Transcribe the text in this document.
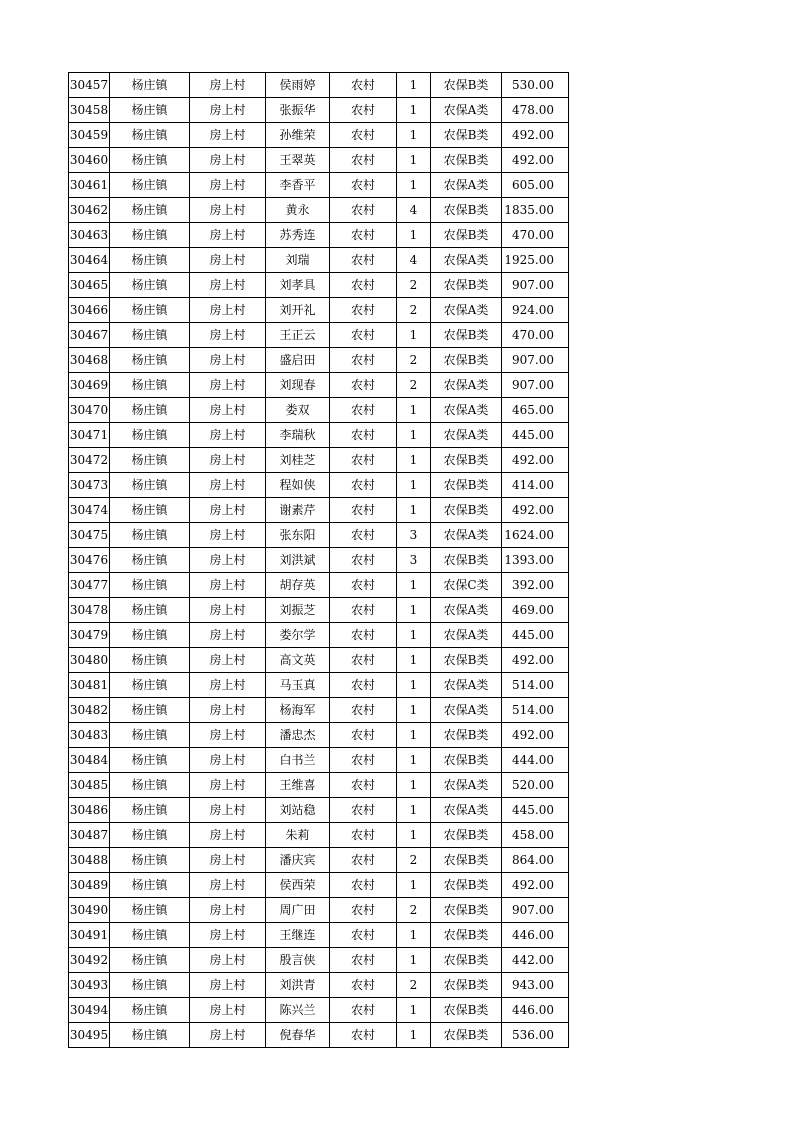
30457	杨庄镇	房上村	侯雨婷	农村	1	农保B类	530.00
30458	杨庄镇	房上村	张振华	农村	1	农保A类	478.00
30459	杨庄镇	房上村	孙维荣	农村	1	农保B类	492.00
30460	杨庄镇	房上村	王翠英	农村	1	农保B类	492.00
30461	杨庄镇	房上村	李香平	农村	1	农保A类	605.00
30462	杨庄镇	房上村	黄永	农村	4	农保B类	1835.00
30463	杨庄镇	房上村	苏秀连	农村	1	农保B类	470.00
30464	杨庄镇	房上村	刘瑞	农村	4	农保A类	1925.00
30465	杨庄镇	房上村	刘孝具	农村	2	农保B类	907.00
30466	杨庄镇	房上村	刘开礼	农村	2	农保A类	924.00
30467	杨庄镇	房上村	王正云	农村	1	农保B类	470.00
30468	杨庄镇	房上村	盛启田	农村	2	农保B类	907.00
30469	杨庄镇	房上村	刘现春	农村	2	农保A类	907.00
30470	杨庄镇	房上村	娄双	农村	1	农保A类	465.00
30471	杨庄镇	房上村	李瑞秋	农村	1	农保A类	445.00
30472	杨庄镇	房上村	刘桂芝	农村	1	农保B类	492.00
30473	杨庄镇	房上村	程如侠	农村	1	农保B类	414.00
30474	杨庄镇	房上村	谢素芹	农村	1	农保B类	492.00
30475	杨庄镇	房上村	张东阳	农村	3	农保A类	1624.00
30476	杨庄镇	房上村	刘洪斌	农村	3	农保B类	1393.00
30477	杨庄镇	房上村	胡存英	农村	1	农保C类	392.00
30478	杨庄镇	房上村	刘振芝	农村	1	农保A类	469.00
30479	杨庄镇	房上村	娄尔学	农村	1	农保A类	445.00
30480	杨庄镇	房上村	高文英	农村	1	农保B类	492.00
30481	杨庄镇	房上村	马玉真	农村	1	农保A类	514.00
30482	杨庄镇	房上村	杨海军	农村	1	农保A类	514.00
30483	杨庄镇	房上村	潘忠杰	农村	1	农保B类	492.00
30484	杨庄镇	房上村	白书兰	农村	1	农保B类	444.00
30485	杨庄镇	房上村	王维喜	农村	1	农保A类	520.00
30486	杨庄镇	房上村	刘站稳	农村	1	农保A类	445.00
30487	杨庄镇	房上村	朱莉	农村	1	农保B类	458.00
30488	杨庄镇	房上村	潘庆宾	农村	2	农保B类	864.00
30489	杨庄镇	房上村	侯西荣	农村	1	农保B类	492.00
30490	杨庄镇	房上村	周广田	农村	2	农保B类	907.00
30491	杨庄镇	房上村	王继连	农村	1	农保B类	446.00
30492	杨庄镇	房上村	殷言侠	农村	1	农保B类	442.00
30493	杨庄镇	房上村	刘洪青	农村	2	农保B类	943.00
30494	杨庄镇	房上村	陈兴兰	农村	1	农保B类	446.00
30495	杨庄镇	房上村	倪春华	农村	1	农保B类	536.00
